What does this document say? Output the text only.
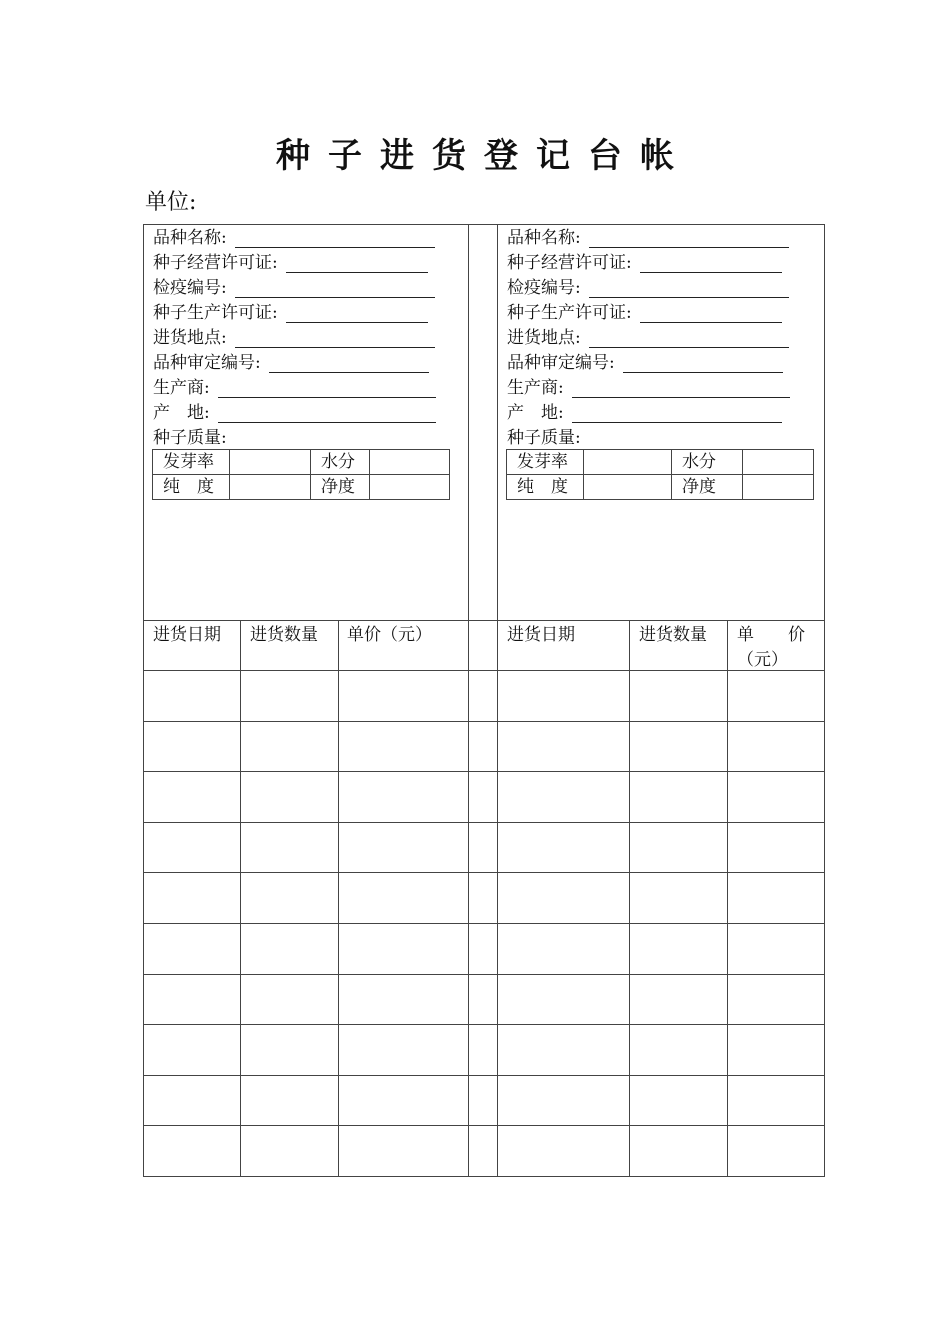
种子进货登记台帐
单位:
品种名称:
种子经营许可证:
检疫编号:
种子生产许可证:
进货地点:
品种审定编号:
生产商:
产　地:
种子质量:
发芽率		水分	
纯　度		净度	
进货日期 进货数量 单价（元）
品种名称:
种子经营许可证:
检疫编号:
种子生产许可证:
进货地点:
品种审定编号:
生产商:
产　地:
种子质量:
发芽率		水分	
纯　度		净度	
进货日期	进货数量 单　　价
（元）
